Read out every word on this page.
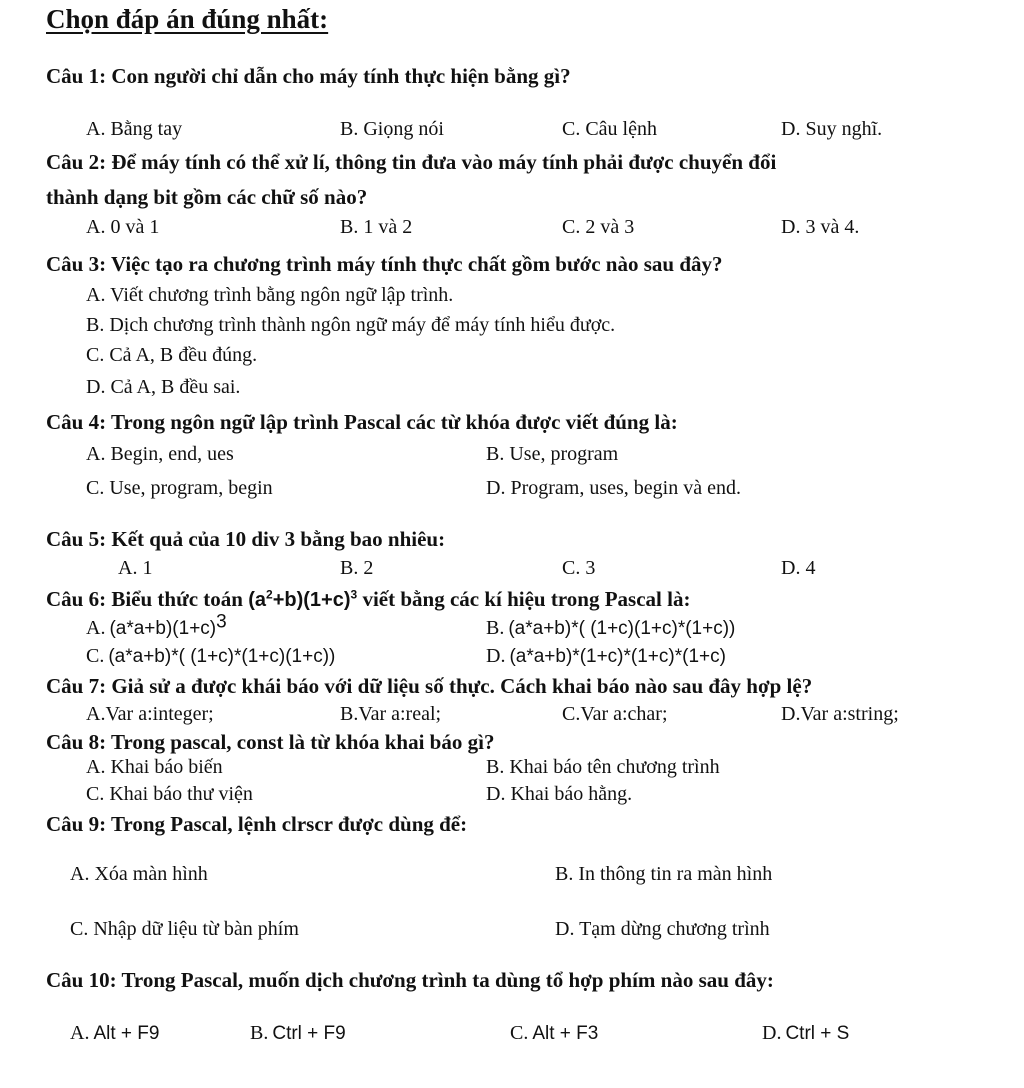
Chọn đáp án đúng nhất:
Câu 1: Con người chỉ dẫn cho máy tính thực hiện bằng gì?
A. Bằng tay	B. Giọng nói	C. Câu lệnh	D. Suy nghĩ.
Câu 2: Để máy tính có thể xử lí, thông tin đưa vào máy tính phải được chuyển đổi
thành dạng bit gồm các chữ số nào?
A. 0 và 1	B. 1 và 2	C. 2 và 3	D. 3 và 4.
Câu 3: Việc tạo ra chương trình máy tính thực chất gồm bước nào sau đây?
A. Viết chương trình bằng ngôn ngữ lập trình.
B. Dịch chương trình thành ngôn ngữ máy để máy tính hiểu được.
C. Cả A, B đều đúng.
D. Cả A, B đều sai.
Câu 4: Trong ngôn ngữ lập trình Pascal các từ khóa được viết đúng là:
A. Begin, end, ues	B. Use, program
C. Use, program, begin	D. Program, uses, begin và end.
Câu 5: Kết quả của 10 div 3 bằng bao nhiêu:
A. 1	B. 2	C. 3	D. 4
Câu 6: Biểu thức toán $(a^2+b)(1+c)^3$ viết bằng các kí hiệu trong Pascal là:
A. $(a*a+b)(1+c)^3$	B. (a*a+b)*( (1+c)(1+c)*(1+c))
C. (a*a+b)*( (1+c)*(1+c)(1+c))	D. (a*a+b)*(1+c)*(1+c)*(1+c)
Câu 7: Giả sử a được khái báo với dữ liệu số thực. Cách khai báo nào sau đây hợp lệ?
A.Var a:integer;	B.Var a:real;	C.Var a:char;	D.Var a:string;
Câu 8: Trong pascal, const là từ khóa khai báo gì?
A. Khai báo biến	B. Khai báo tên chương trình
C. Khai báo thư viện	D. Khai báo hằng.
Câu 9: Trong Pascal, lệnh clrscr được dùng để:
A. Xóa màn hình	B. In thông tin ra màn hình
C. Nhập dữ liệu từ bàn phím	D. Tạm dừng chương trình
Câu 10: Trong Pascal, muốn dịch chương trình ta dùng tổ hợp phím nào sau đây:
A. Alt + F9	B. Ctrl + F9	C. Alt + F3	D. Ctrl + S
